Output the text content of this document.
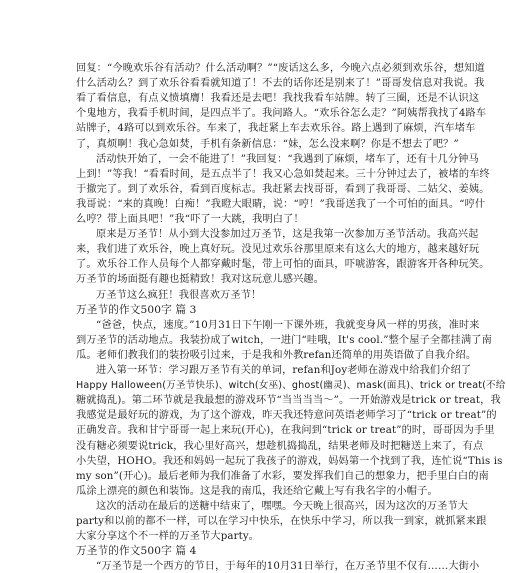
回复：“今晚欢乐谷有活动？什么活动啊？”“废话这么多，今晚六点必须到欢乐谷，想知道
什么活动么？到了欢乐谷看看就知道了！不去的话你还是别来了！”哥哥发信息对我说。我
看了看信息，有点义愤填膺！我看还是去吧！我找我看车站牌。转了三圈，还是不认识这
个鬼地方，我看手机时间，是四点半了。我问路人。“欢乐谷怎么走？”阿姨帮我找了4路车
站牌子，4路可以到欢乐谷。车来了，我赶紧上车去欢乐谷。路上遇到了麻烦，汽车堵车
了，真烦啊！我心急如焚，手机有条新信息：“妹，怎么没来啊？你是不想去了吧？”
活动快开始了，一会不能进了！”我回复：“我遇到了麻烦，堵车了，还有十几分钟马
上到！”等我！“看看时间，是五点半了！我又心急如焚起来。三十分钟过去了，被堵的车终
于撤完了。到了欢乐谷，看到百度标志。我赶紧去找哥哥，看到了我哥哥、二姑父、姜姨。
我哥说：“来的真晚！白痴！”我瞪大眼睛，说：“哼！”我哥送我了一个可怕的面具。“哼什
么哼？带上面具吧！”我“吓了一大跳，我明白了！
原来是万圣节！从小到大没参加过万圣节，这是我第一次参加万圣节活动。我高兴起
来，我们进了欢乐谷，晚上真好玩。没见过欢乐谷那里原来有这么大的地方，越来越好玩
了。欢乐谷工作人员每个人都穿戴时髦，带上可怕的面具，吓唬游客，跟游客开各种玩笑。
万圣节的场面挺有趣也挺精致！我对这玩意儿感兴趣。
万圣节这么疯狂！我很喜欢万圣节！
万圣节的作文500字 篇 3
“爸爸，快点，速度。”10月31日下午刚一下课外班，我就变身风一样的男孩，准时来
到万圣节的活动地点。我装扮成了witch，一进门“哇哦，It's cool.”整个屋子全都挂满了南
瓜。老师们教我们的装扮吸引过来，于是我和外教refan还简单的用英语做了自我介绍。
进入第一环节：学习跟万圣节有关的单词，refan和Joy老师在游戏中给我们介绍了
Happy Halloween(万圣节快乐)、witch(女巫)、ghost(幽灵)、mask(面具)、trick or treat(不给
糖就捣乱)。第二环节就是我最想的游戏环节“当当当当～”。一开始游戏是trick or treat，我
我感觉是最好玩的游戏，为了这个游戏，昨天我还特意问英语老师学习了“trick or treat”的
正确发音。我和甘宁哥哥一起上来玩(开心)，在我问到“trick or treat”的时，哥哥因为手里
没有糖必须要说trick，我心里好高兴，想趁机捣捣乱，结果老师及时把糖送上来了，有点
小失望，HOHO。我还和妈妈一起玩了我孩子的游戏，妈妈第一个找到了我，连忙说“This is
my son”(开心)。最后老师为我们准备了水彩，要发挥我们自己的想象力，把手里白白的南
瓜涂上漂亮的颜色和装饰。这是我的南瓜，我还给它戴上写有我名字的小帽子。
这次的活动在最后的送糖中结束了，嘿嘿。今天晚上很高兴，因为这次的万圣节大
party和以前的都不一样，可以在学习中快乐，在快乐中学习，所以我一到家，就抓紧来跟
大家分享这个不一样的万圣节大party。
万圣节的作文500字 篇 4
“万圣节是一个西方的节日，于每年的10月31日举行，在万圣节里不仅有……大街小
